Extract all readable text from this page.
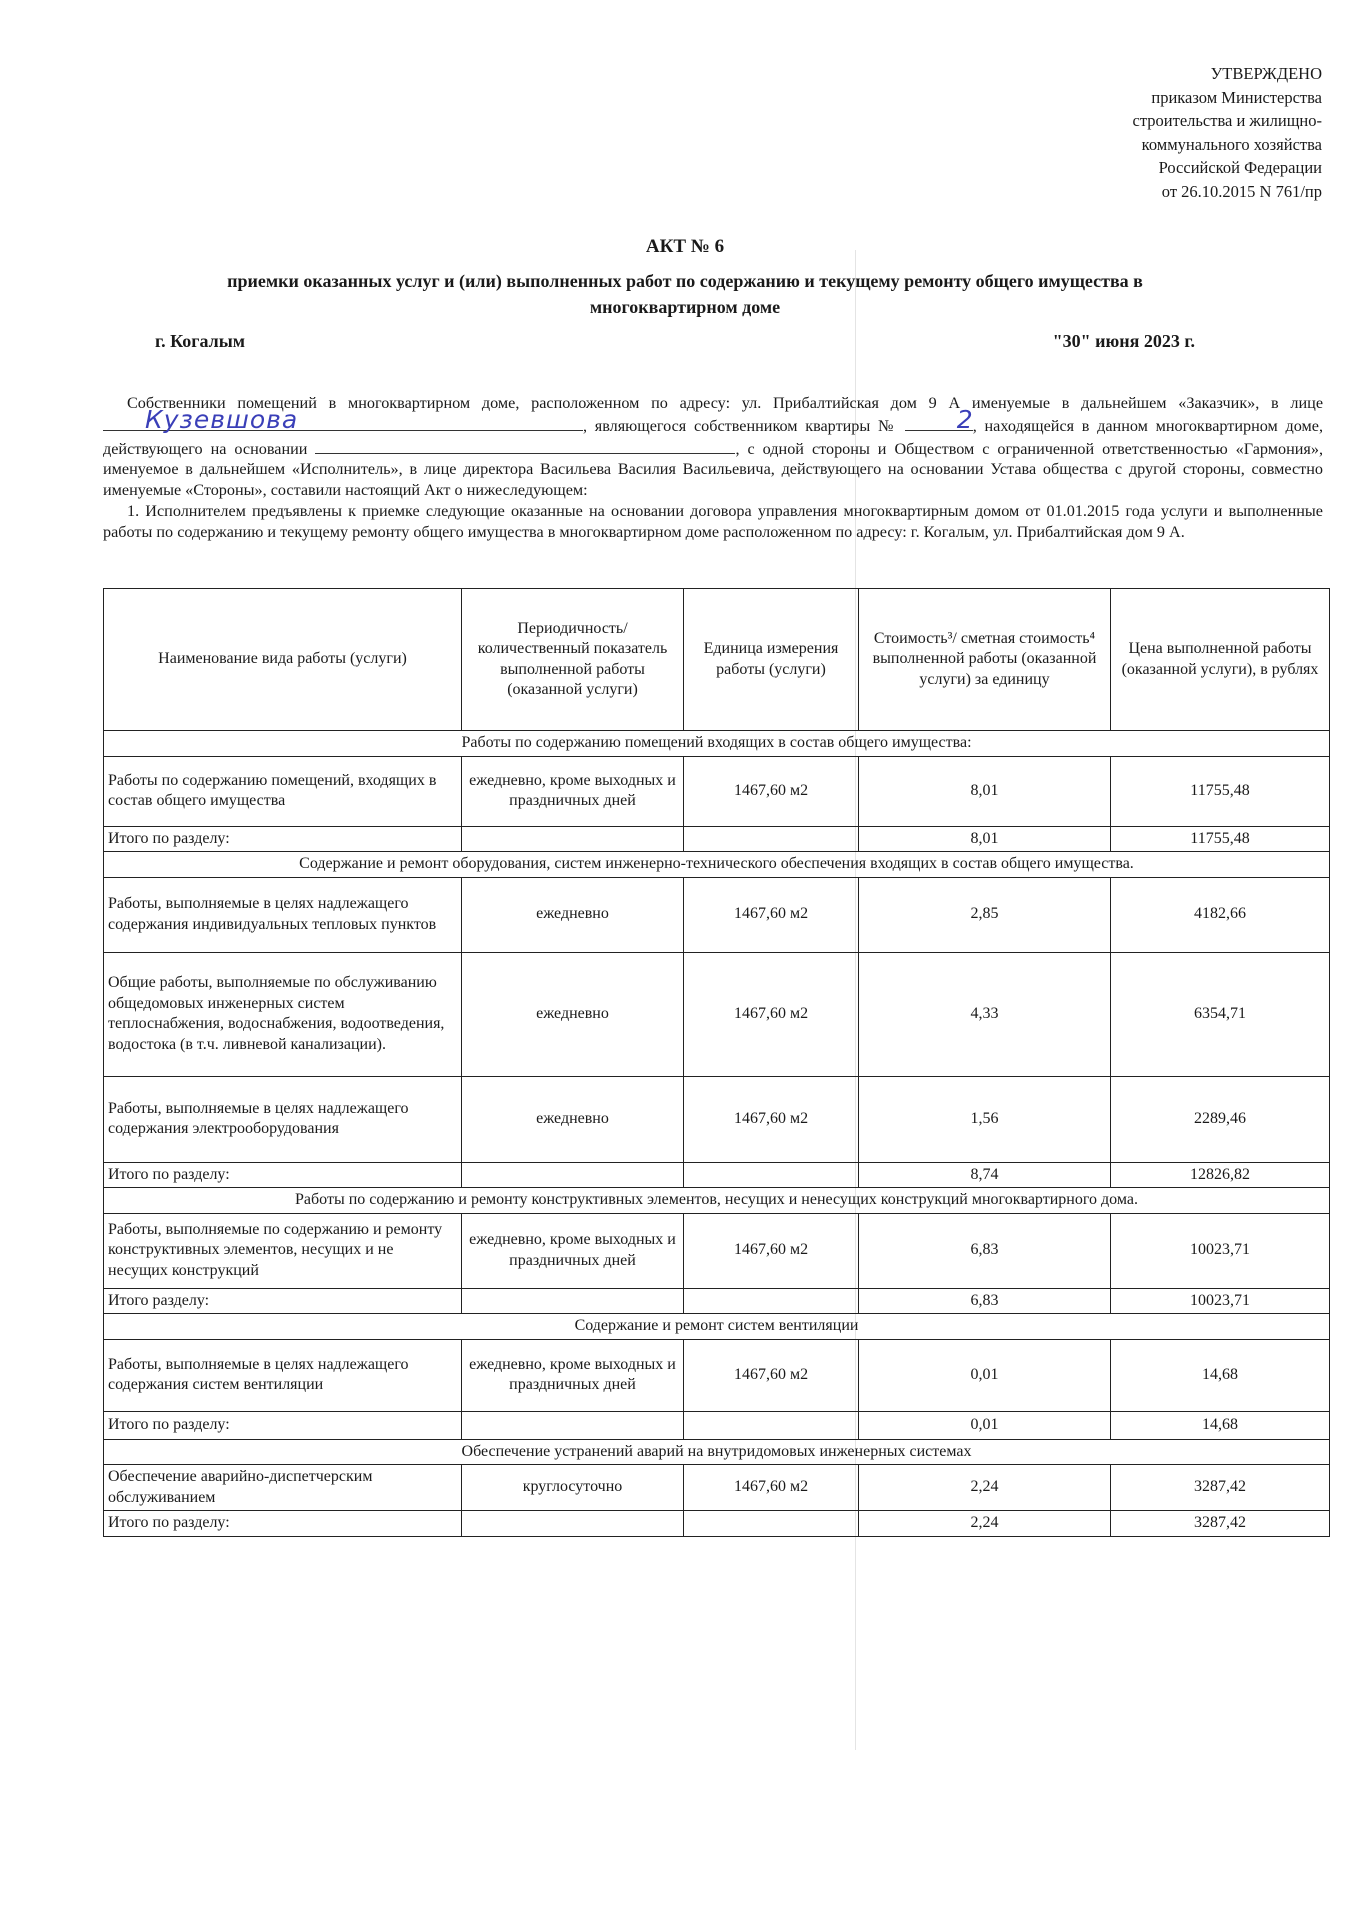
УТВЕРЖДЕНО
приказом Министерства
строительства и жилищно-
коммунального хозяйства
Российской Федерации
от 26.10.2015 N 761/пр
АКТ № 6
приемки оказанных услуг и (или) выполненных работ по содержанию и текущему ремонту общего имущества в
многоквартирном доме
г. Когалым	"30" июня 2023 г.

Собственники помещений в многоквартирном доме, расположенном по адресу: ул. Прибалтийская дом 9 А именуемые в дальнейшем «Заказчик», в лице
Кузевшова	, являющегося собственником квартиры №	2 , находящейся в данном многоквартирном доме, действующего на основании	, с одной стороны и Обществом с ограниченной ответственностью «Гармония», именуемое в дальнейшем «Исполнитель», в лице директора Васильева Василия Васильевича, действующего на основании Устава общества с другой стороны, совместно именуемые «Стороны», составили настоящий Акт о нижеследующем:

1. Исполнителем предъявлены к приемке следующие оказанные на основании договора управления многоквартирным домом от 01.01.2015 года услуги и выполненные работы по содержанию и текущему ремонту общего имущества в многоквартирном доме расположенном по адресу: г. Когалым, ул. Прибалтийская дом 9 А.

Наименование вида работы (услуги)	Периодичность/ количественный показатель выполненной работы (оказанной услуги)	Единица измерения работы (услуги)	Стоимость³/ сметная стоимость⁴ выполненной работы (оказанной услуги) за единицу	Цена выполненной работы (оказанной услуги), в рублях
Работы по содержанию помещений входящих в состав общего имущества:				
Работы по содержанию помещений, входящих в состав общего имущества	ежедневно, кроме выходных и праздничных дней	1467,60 м2	8,01	11755,48
Итого по разделу:			8,01	11755,48
Содержание и ремонт оборудования, систем инженерно-технического обеспечения входящих в состав общего имущества.				
Работы, выполняемые в целях надлежащего содержания индивидуальных тепловых пунктов	ежедневно	1467,60 м2	2,85	4182,66
Общие работы, выполняемые по обслуживанию общедомовых инженерных систем теплоснабжения, водоснабжения, водоотведения, водостока (в т.ч. ливневой канализации).	ежедневно	1467,60 м2	4,33	6354,71
Работы, выполняемые в целях надлежащего содержания электрооборудования	ежедневно	1467,60 м2	1,56	2289,46
Итого по разделу:			8,74	12826,82
Работы по содержанию и ремонту конструктивных элементов, несущих и ненесущих конструкций многоквартирного дома.				
Работы, выполняемые по содержанию и ремонту конструктивных элементов, несущих и не несущих конструкций	ежедневно, кроме выходных и праздничных дней	1467,60 м2	6,83	10023,71
Итого разделу:			6,83	10023,71
Содержание и ремонт систем вентиляции				
Работы, выполняемые в целях надлежащего содержания систем вентиляции	ежедневно, кроме выходных и праздничных дней	1467,60 м2	0,01	14,68
Итого по разделу:			0,01	14,68
Обеспечение устранений аварий на внутридомовых инженерных системах				
Обеспечение аварийно-диспетчерским обслуживанием	круглосуточно	1467,60 м2	2,24	3287,42
Итого по разделу:			2,24	3287,42
